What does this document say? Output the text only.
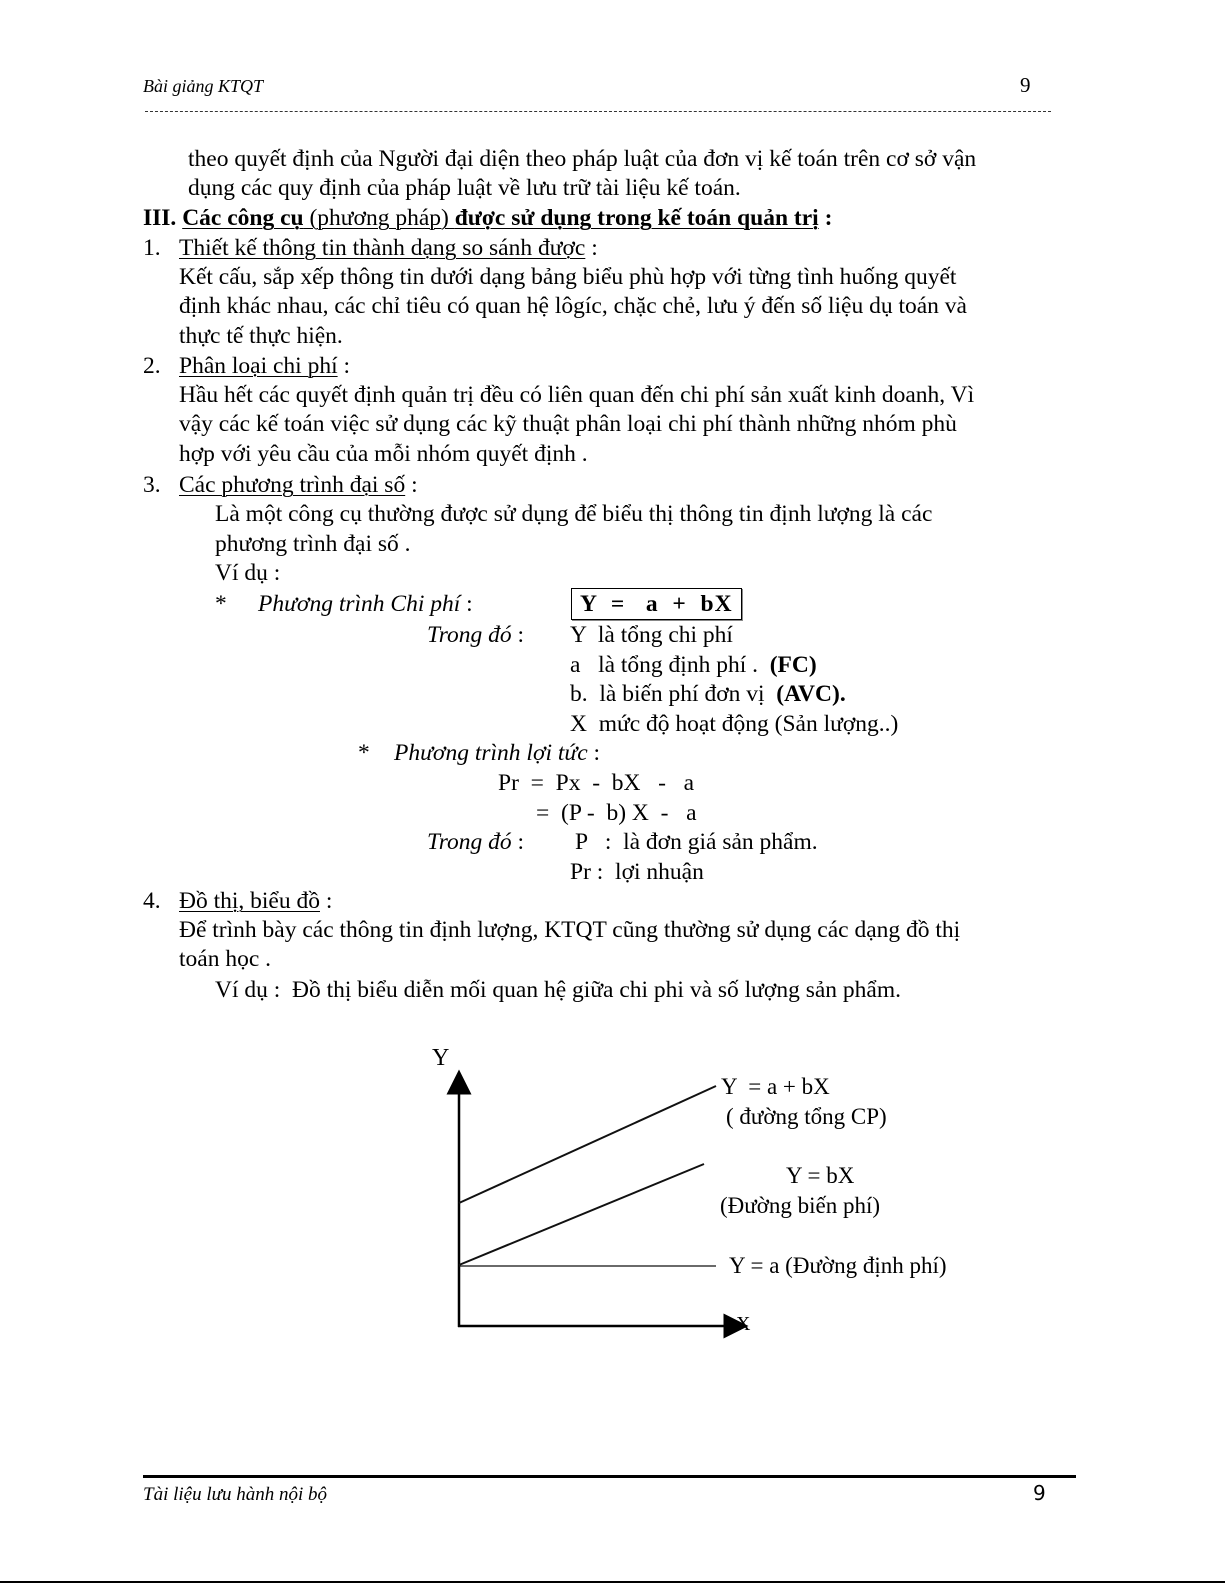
Bài giảng KTQT	9
theo quyết định của Người đại diện theo pháp luật của đơn vị kế toán trên cơ sở vận
dụng các quy định của pháp luật về lưu trữ tài liệu kế toán.
III. Các công cụ (phương pháp) được sử dụng trong kế toán quản trị :
1. Thiết kế thông tin thành dạng so sánh được :
Kết cấu, sắp xếp thông tin dưới dạng bảng biểu phù hợp với từng tình huống quyết
định khác nhau, các chỉ tiêu có quan hệ lôgíc, chặc chẻ, lưu ý đến số liệu dụ toán và
thực tế thực hiện.
2. Phân loại chi phí :
Hầu hết các quyết định quản trị đều có liên quan đến chi phí sản xuất kinh doanh, Vì
vậy các kế toán việc sử dụng các kỹ thuật phân loại chi phí thành những nhóm phù
hợp với yêu cầu của mỗi nhóm quyết định .
3. Các phương trình đại số :
Là một công cụ thường được sử dụng để biểu thị thông tin định lượng là các
phương trình đại số .
Ví dụ :
* Phương trình Chi phí :	Y  =   a  +  bX
Trong đó : Y  là tổng chi phí
a   là tổng định phí .  (FC)
b.  là biến phí đơn vị  (AVC).
X  mức độ hoạt động (Sản lượng..)
* Phương trình lợi tức :
Pr  =  Px  -  bX   -   a
=  (P -  b) X  -   a
Trong đó : P   :  là đơn giá sản phẩm.
Pr :  lợi nhuận
4. Đồ thị, biểu đồ :
Để trình bày các thông tin định lượng, KTQT cũng thường sử dụng các dạng đồ thị
toán học .
Ví dụ :  Đồ thị biểu diễn mối quan hệ giữa chi phi và số lượng sản phẩm.
Y
X
Y  = a + bX
( đường tổng CP)
Y = bX
(Đường biến phí)
Y = a (Đường định phí)
Tài liệu lưu hành nội bộ	9
